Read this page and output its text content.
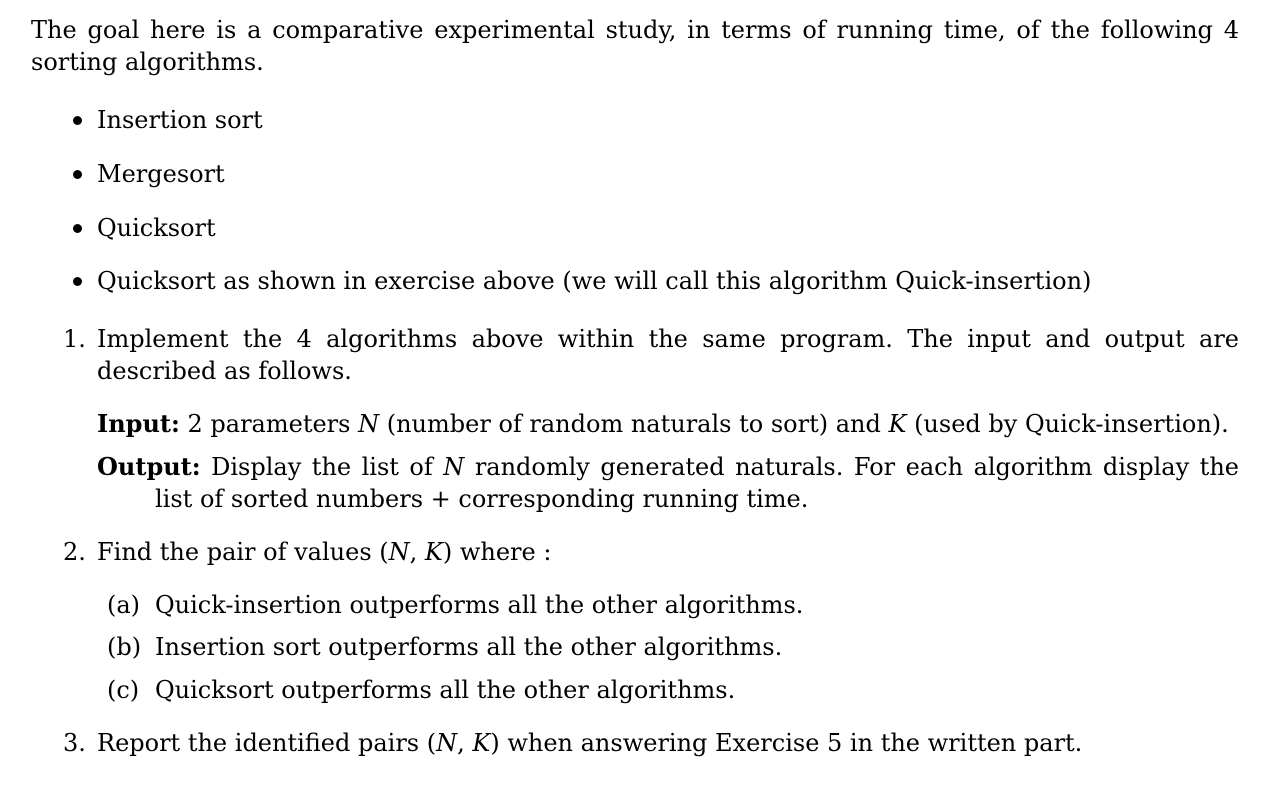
The goal here is a comparative experimental study, in terms of running time, of the following 4 sorting algorithms.

Insertion sort
Mergesort
Quicksort
Quicksort as shown in exercise above (we will call this algorithm Quick-insertion)
1. Implement the 4 algorithms above within the same program. The input and output are described as follows.
Input: 2 parameters N (number of random naturals to sort) and K (used by Quick-insertion).
Output: Display the list of N randomly generated naturals. For each algorithm display the list of sorted numbers + corresponding running time.
2. Find the pair of values (N, K) where :
(a) Quick-insertion outperforms all the other algorithms.
(b) Insertion sort outperforms all the other algorithms.
(c) Quicksort outperforms all the other algorithms.
3. Report the identified pairs (N, K) when answering Exercise 5 in the written part.
